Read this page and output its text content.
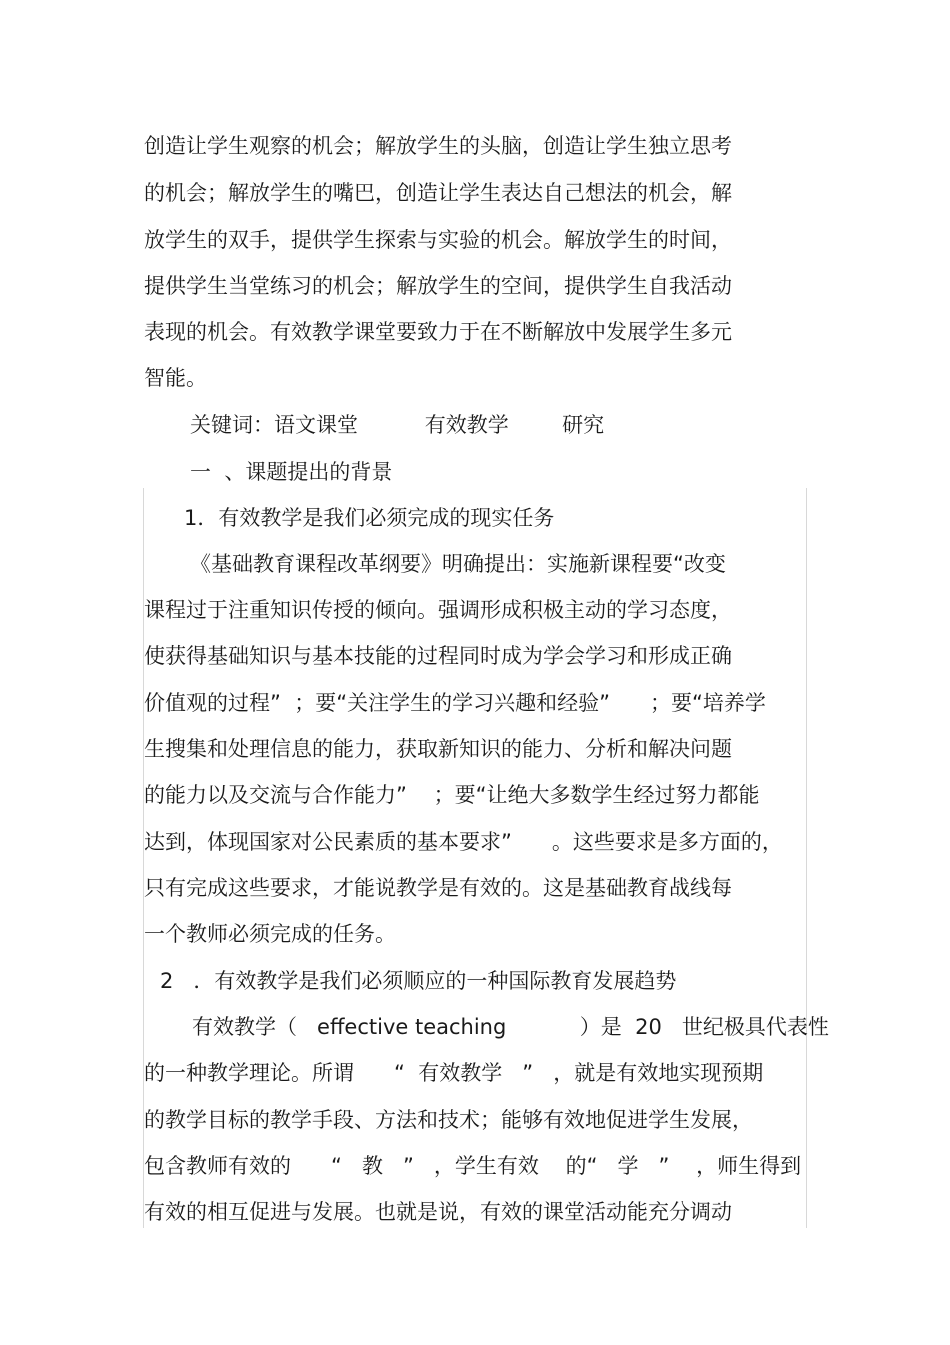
创造让学生观察的机会；解放学生的头脑，创造让学生独立思考
的机会；解放学生的嘴巴，创造让学生表达自己想法的机会，解
放学生的双手，提供学生探索与实验的机会。解放学生的时间，
提供学生当堂练习的机会；解放学生的空间，提供学生自我活动
表现的机会。有效教学课堂要致力于在不断解放中发展学生多元
智能。
关键词：语文课堂          有效教学        研究
一  、课题提出的背景
1．有效教学是我们必须完成的现实任务
《基础教育课程改革纲要》明确提出：实施新课程要“改变
课程过于注重知识传授的倾向。强调形成积极主动的学习态度，
使获得基础知识与基本技能的过程同时成为学会学习和形成正确
价值观的过程”  ；要“关注学生的学习兴趣和经验”      ；要“培养学
生搜集和处理信息的能力，获取新知识的能力、分析和解决问题
的能力以及交流与合作能力”    ；要“让绝大多数学生经过努力都能
达到，体现国家对公民素质的基本要求”      。这些要求是多方面的，
只有完成这些要求，才能说教学是有效的。这是基础教育战线每
一个教师必须完成的任务。
2   ．有效教学是我们必须顺应的一种国际教育发展趋势
有效教学（   effective teaching           ）是  20   世纪极具代表性
的一种教学理论。所谓      “  有效教学   ”   ，就是有效地实现预期
的教学目标的教学手段、方法和技术；能够有效地促进学生发展，
包含教师有效的      “   教   ”   ，学生有效    的“   学   ”    ，师生得到
有效的相互促进与发展。也就是说，有效的课堂活动能充分调动
